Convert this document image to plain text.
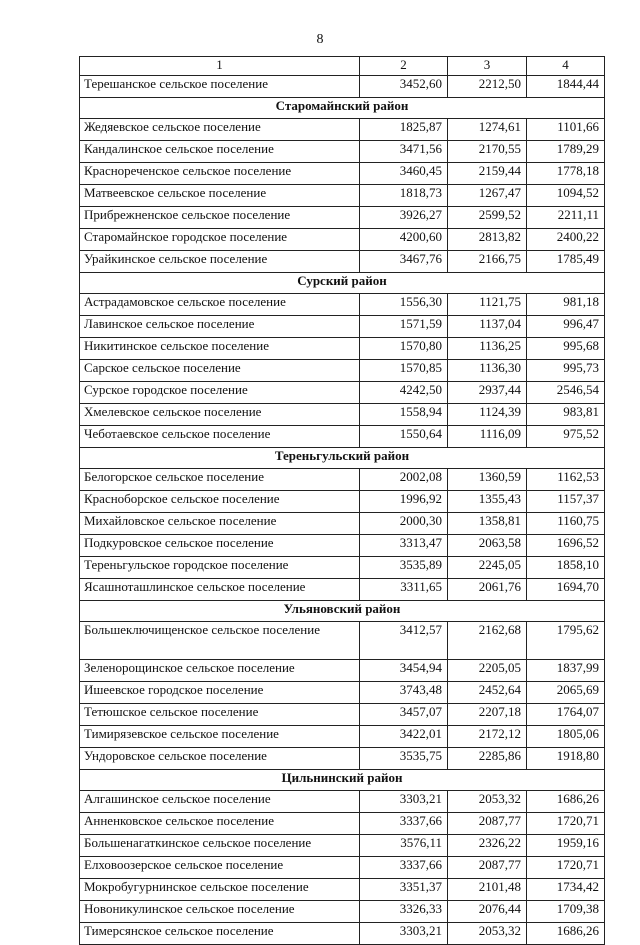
8
1	2	3	4
Терешанское сельское поселение	3452,60	2212,50	1844,44
Старомайнский район			
Жедяевское сельское поселение	1825,87	1274,61	1101,66
Кандалинское сельское поселение	3471,56	2170,55	1789,29
Краснореченское сельское поселение	3460,45	2159,44	1778,18
Матвеевское сельское поселение	1818,73	1267,47	1094,52
Прибрежненское сельское поселение	3926,27	2599,52	2211,11
Старомайнское городское поселение	4200,60	2813,82	2400,22
Урайкинское сельское поселение	3467,76	2166,75	1785,49
Сурский район			
Астрадамовское сельское поселение	1556,30	1121,75	981,18
Лавинское сельское поселение	1571,59	1137,04	996,47
Никитинское сельское поселение	1570,80	1136,25	995,68
Сарское сельское поселение	1570,85	1136,30	995,73
Сурское городское поселение	4242,50	2937,44	2546,54
Хмелевское сельское поселение	1558,94	1124,39	983,81
Чеботаевское сельское поселение	1550,64	1116,09	975,52
Тереньгульский район			
Белогорское сельское поселение	2002,08	1360,59	1162,53
Красноборское сельское поселение	1996,92	1355,43	1157,37
Михайловское сельское поселение	2000,30	1358,81	1160,75
Подкуровское сельское поселение	3313,47	2063,58	1696,52
Тереньгульское городское поселение	3535,89	2245,05	1858,10
Ясашноташлинское сельское поселение	3311,65	2061,76	1694,70
Ульяновский район			
Большеключищенское сельское поселение	3412,57	2162,68	1795,62
Зеленорощинское сельское поселение	3454,94	2205,05	1837,99
Ишеевское городское поселение	3743,48	2452,64	2065,69
Тетюшское сельское поселение	3457,07	2207,18	1764,07
Тимирязевское сельское поселение	3422,01	2172,12	1805,06
Ундоровское сельское поселение	3535,75	2285,86	1918,80
Цильнинский район			
Алгашинское сельское поселение	3303,21	2053,32	1686,26
Анненковское сельское поселение	3337,66	2087,77	1720,71
Большенагаткинское сельское поселение	3576,11	2326,22	1959,16
Елховоозерское сельское поселение	3337,66	2087,77	1720,71
Мокробугурнинское сельское поселение	3351,37	2101,48	1734,42
Новоникулинское сельское поселение	3326,33	2076,44	1709,38
Тимерсянское сельское поселение	3303,21	2053,32	1686,26
